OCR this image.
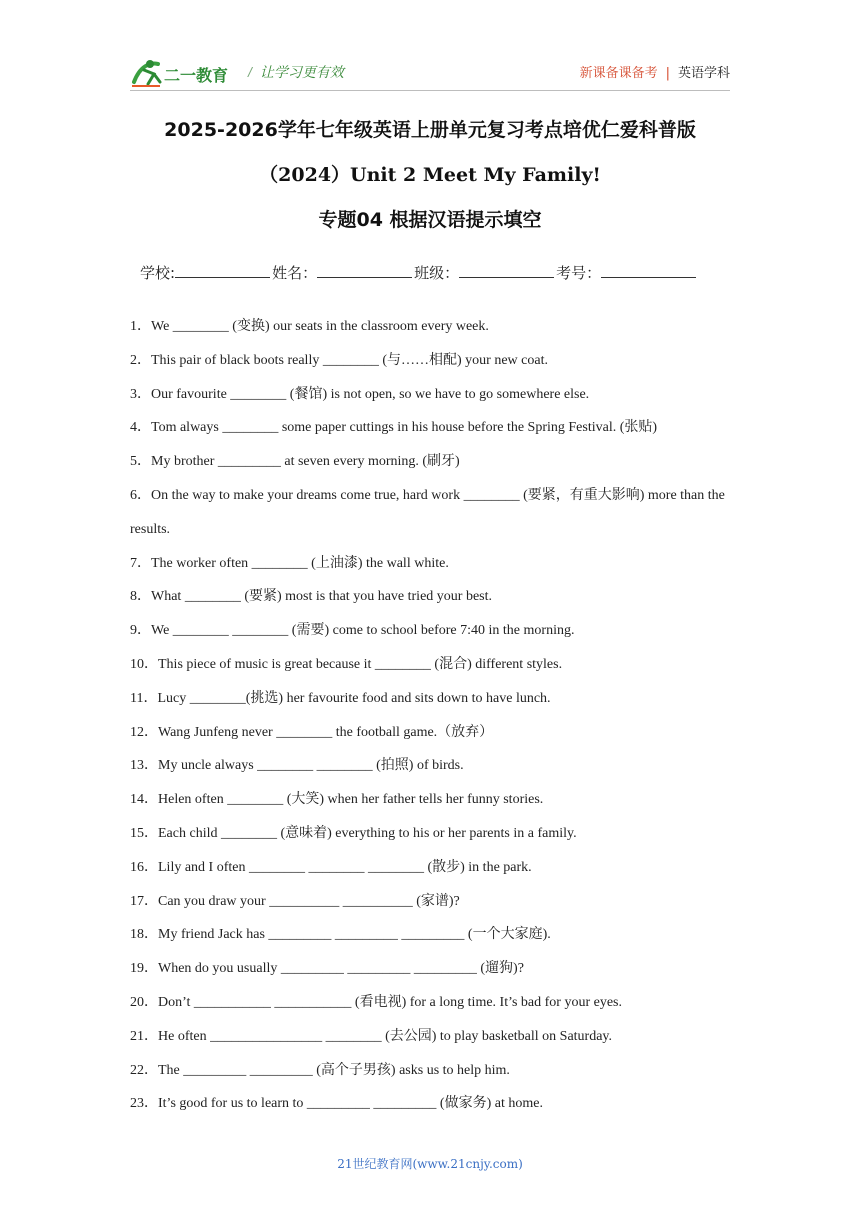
二一教育 / 让学习更有效	新课备课备考 | 英语学科
2025-2026学年七年级英语上册单元复习考点培优仁爱科普版
（2024）Unit 2 Meet My Family!
专题04 根据汉语提示填空
学校:	姓名：	班级：	考号：
1．We ________ (变换) our seats in the classroom every week.
2．This pair of black boots really ________ (与……相配) your new coat.
3．Our favourite ________ (餐馆) is not open, so we have to go somewhere else.
4．Tom always ________ some paper cuttings in his house before the Spring Festival. (张贴)
5．My brother _________ at seven every morning. (刷牙)
6．On the way to make your dreams come true, hard work ________ (要紧，有重大影响) more than the results.
7．The worker often ________ (上油漆) the wall white.
8．What ________ (要紧) most is that you have tried your best.
9．We ________ ________ (需要) come to school before 7:40 in the morning.
10．This piece of music is great because it ________ (混合) different styles.
11．Lucy ________(挑选) her favourite food and sits down to have lunch.
12．Wang Junfeng never ________ the football game.（放弃）
13．My uncle always ________ ________ (拍照) of birds.
14．Helen often ________ (大笑) when her father tells her funny stories.
15．Each child ________ (意味着) everything to his or her parents in a family.
16．Lily and I often ________ ________ ________ (散步) in the park.
17．Can you draw your __________ __________ (家谱)?
18．My friend Jack has _________ _________ _________ (一个大家庭).
19．When do you usually _________ _________ _________ (遛狗)?
20．Don’t ___________ ___________ (看电视) for a long time. It’s bad for your eyes.
21．He often ________________ ________ (去公园) to play basketball on Saturday.
22．The _________ _________ (高个子男孩) asks us to help him.
23．It’s good for us to learn to _________ _________ (做家务) at home.
21世纪教育网(www.21cnjy.com)
